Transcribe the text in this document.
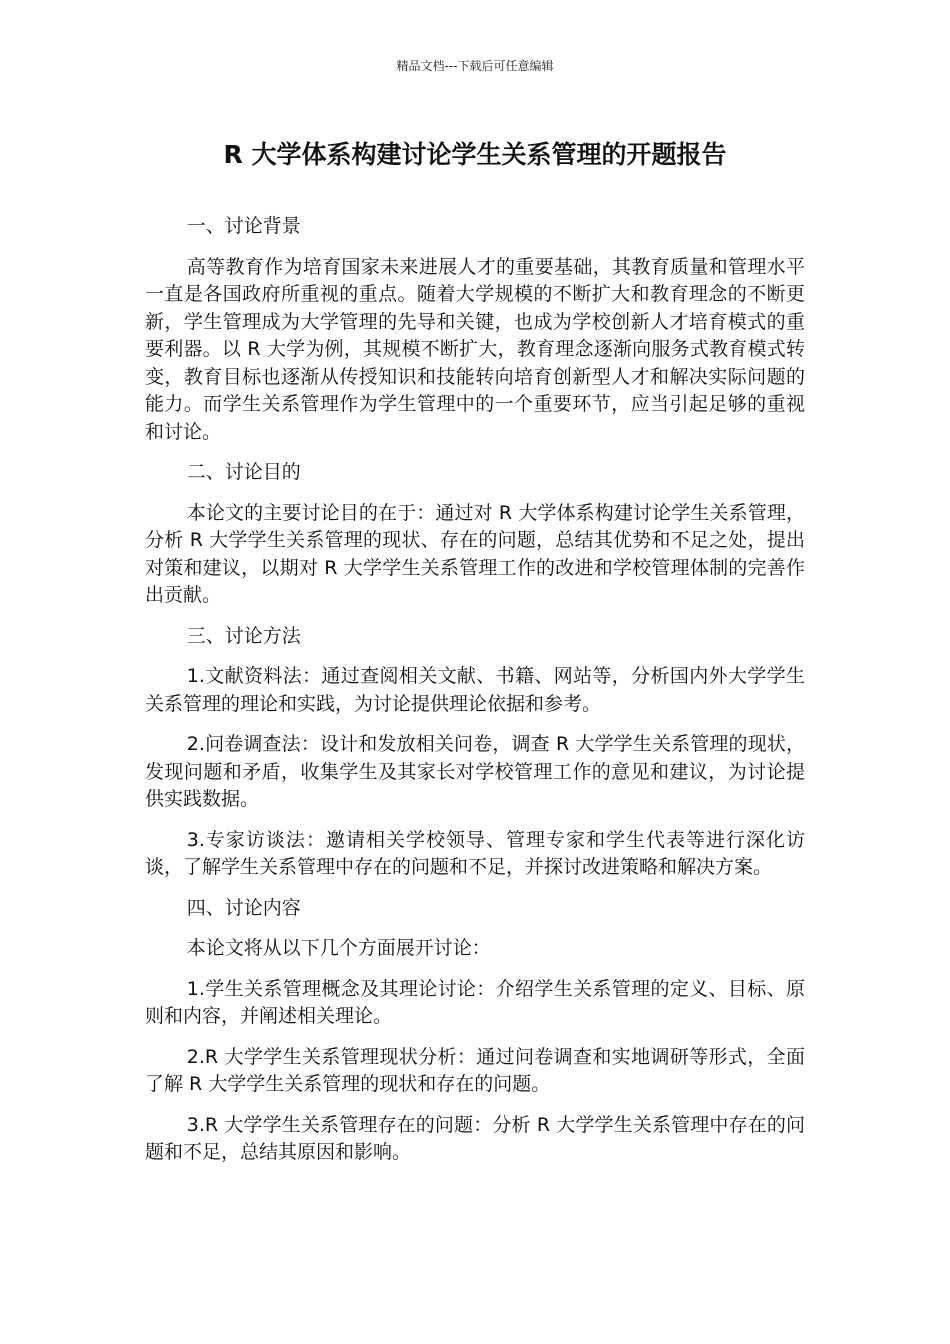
精品文档---下载后可任意编辑
R 大学体系构建讨论学生关系管理的开题报告

一、讨论背景

高等教育作为培育国家未来进展人才的重要基础，其教育质量和管理水平一直是各国政府所重视的重点。随着大学规模的不断扩大和教育理念的不断更新，学生管理成为大学管理的先导和关键，也成为学校创新人才培育模式的重要利器。以 R 大学为例，其规模不断扩大，教育理念逐渐向服务式教育模式转变，教育目标也逐渐从传授知识和技能转向培育创新型人才和解决实际问题的能力。而学生关系管理作为学生管理中的一个重要环节，应当引起足够的重视和讨论。

二、讨论目的

本论文的主要讨论目的在于：通过对 R 大学体系构建讨论学生关系管理，分析 R 大学学生关系管理的现状、存在的问题，总结其优势和不足之处，提出对策和建议，以期对 R 大学学生关系管理工作的改进和学校管理体制的完善作出贡献。

三、讨论方法

1.文献资料法：通过查阅相关文献、书籍、网站等，分析国内外大学学生关系管理的理论和实践，为讨论提供理论依据和参考。

2.问卷调查法：设计和发放相关问卷，调查 R 大学学生关系管理的现状，发现问题和矛盾，收集学生及其家长对学校管理工作的意见和建议，为讨论提供实践数据。

3.专家访谈法：邀请相关学校领导、管理专家和学生代表等进行深化访谈，了解学生关系管理中存在的问题和不足，并探讨改进策略和解决方案。

四、讨论内容

本论文将从以下几个方面展开讨论：

1.学生关系管理概念及其理论讨论：介绍学生关系管理的定义、目标、原则和内容，并阐述相关理论。

2.R 大学学生关系管理现状分析：通过问卷调查和实地调研等形式，全面了解 R 大学学生关系管理的现状和存在的问题。

3.R 大学学生关系管理存在的问题：分析 R 大学学生关系管理中存在的问题和不足，总结其原因和影响。
